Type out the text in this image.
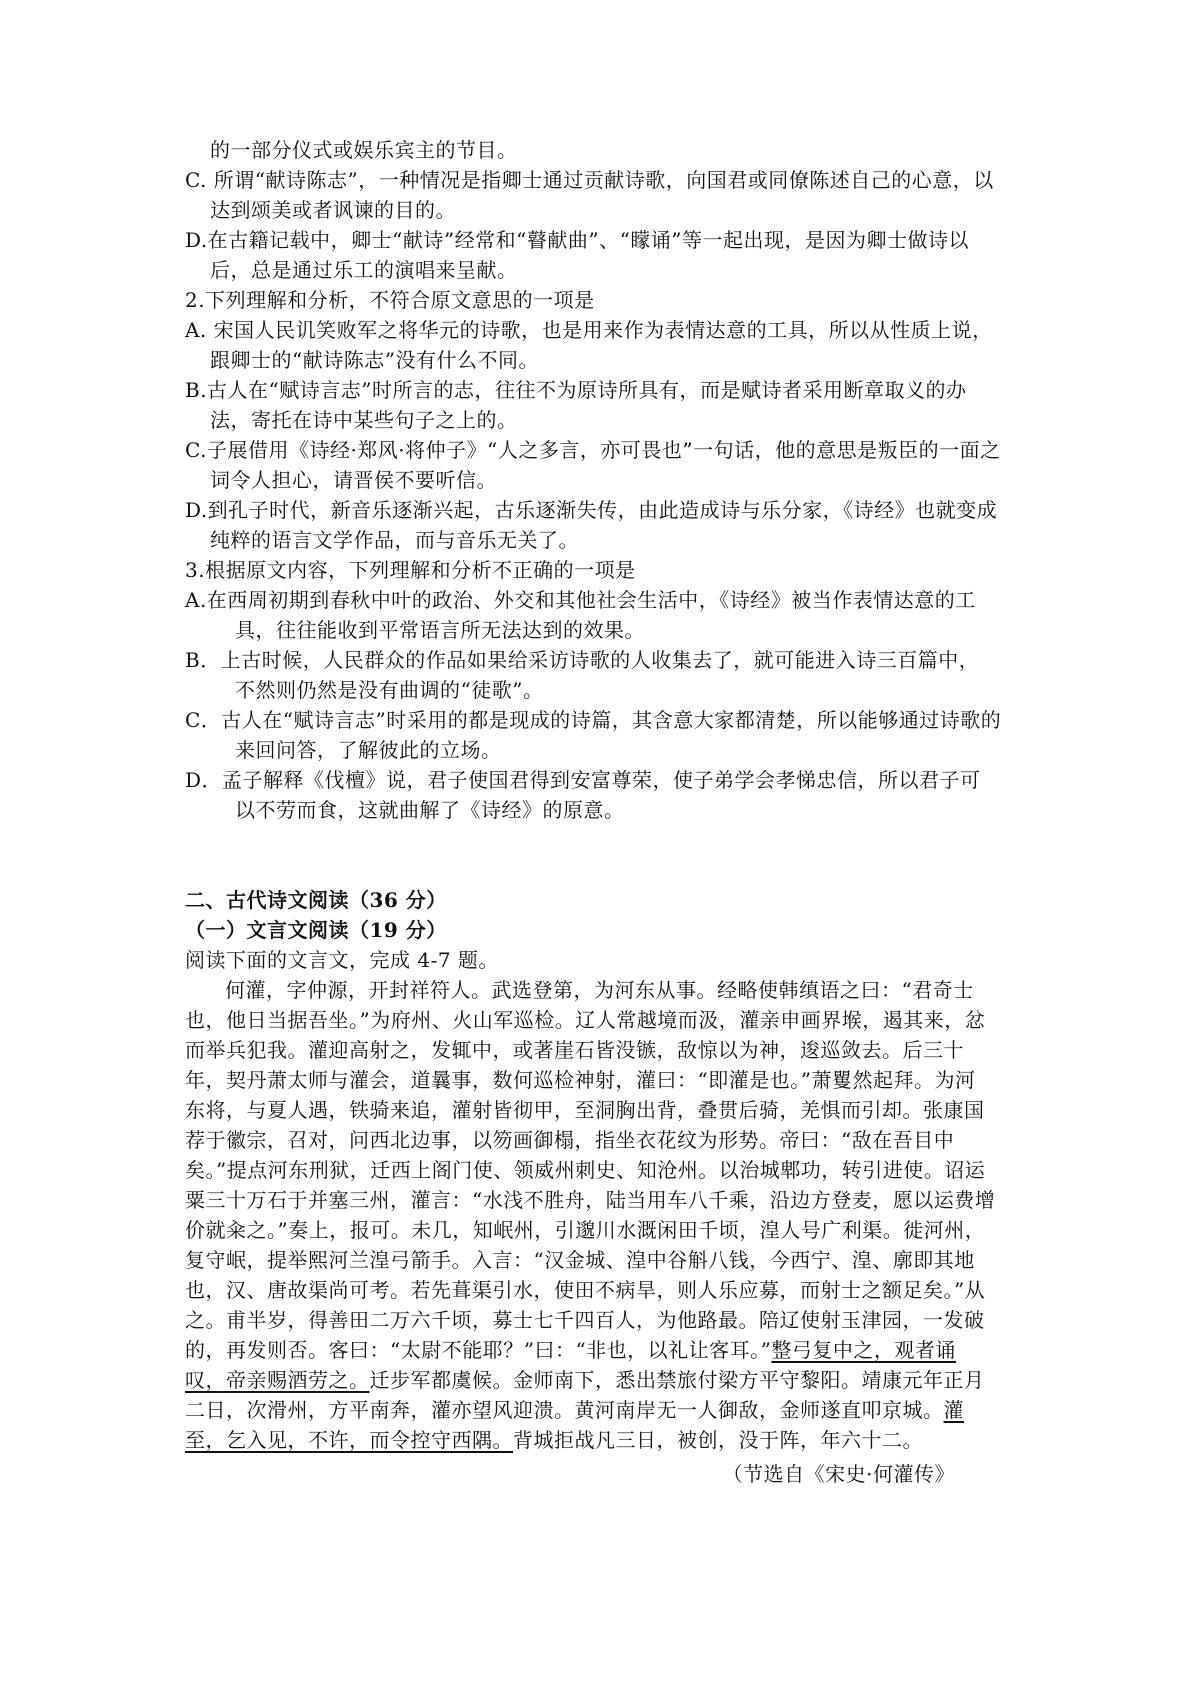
的一部分仪式或娱乐宾主的节目。
C. 所谓“献诗陈志”，一种情况是指卿士通过贡献诗歌，向国君或同僚陈述自己的心意，以
达到颂美或者讽谏的目的。
D.在古籍记载中，卿士“献诗”经常和“瞽献曲”、“矇诵”等一起出现，是因为卿士做诗以
后，总是通过乐工的演唱来呈献。
2.下列理解和分析，不符合原文意思的一项是
A. 宋国人民讥笑败军之将华元的诗歌，也是用来作为表情达意的工具，所以从性质上说，
跟卿士的“献诗陈志”没有什么不同。
B.古人在“赋诗言志”时所言的志，往往不为原诗所具有，而是赋诗者采用断章取义的办
法，寄托在诗中某些句子之上的。
C.子展借用《诗经·郑风·将仲子》“人之多言，亦可畏也”一句话，他的意思是叛臣的一面之
词令人担心，请晋侯不要听信。
D.到孔子时代，新音乐逐渐兴起，古乐逐渐失传，由此造成诗与乐分家，《诗经》也就变成
纯粹的语言文学作品，而与音乐无关了。
3.根据原文内容，下列理解和分析不正确的一项是
A.在西周初期到春秋中叶的政治、外交和其他社会生活中，《诗经》被当作表情达意的工
具，往往能收到平常语言所无法达到的效果。
B．上古时候，人民群众的作品如果给采访诗歌的人收集去了，就可能进入诗三百篇中，
不然则仍然是没有曲调的“徒歌”。
C．古人在“赋诗言志”时采用的都是现成的诗篇，其含意大家都清楚，所以能够通过诗歌的
来回问答，了解彼此的立场。
D．孟子解释《伐檀》说，君子使国君得到安富尊荣，使子弟学会孝悌忠信，所以君子可
以不劳而食，这就曲解了《诗经》的原意。
二、古代诗文阅读（36 分）
（一）文言文阅读（19 分）
阅读下面的文言文，完成 4-7 题。
何灌，字仲源，开封祥符人。武选登第，为河东从事。经略使韩缜语之曰：“君奇士
也，他日当据吾坐。”为府州、火山军巡检。辽人常越境而汲，灌亲申画界堠，遏其来，忿
而举兵犯我。灌迎高射之，发辄中，或著崖石皆没镞，敌惊以为神，逡巡敛去。后三十
年，契丹萧太师与灌会，道曩事，数何巡检神射，灌曰：“即灌是也。”萧矍然起拜。为河
东将，与夏人遇，铁骑来追，灌射皆彻甲，至洞胸出背，叠贯后骑，羌惧而引却。张康国
荐于徽宗，召对，问西北边事，以笏画御榻，指坐衣花纹为形势。帝曰：“敌在吾目中
矣。”提点河东刑狱，迁西上阁门使、领威州刺史、知沧州。以治城郫功，转引进使。诏运
粟三十万石于并塞三州，灌言：“水浅不胜舟，陆当用车八千乘，沿边方登麦，愿以运费增
价就籴之。”奏上，报可。未几，知岷州，引邈川水溉闲田千顷，湟人号广利渠。徙河州，
复守岷，提举熙河兰湟弓箭手。入言：“汉金城、湟中谷斛八钱，今西宁、湟、廓即其地
也，汉、唐故渠尚可考。若先葺渠引水，使田不病旱，则人乐应募，而射士之额足矣。”从
之。甫半岁，得善田二万六千顷，募士七千四百人，为他路最。陪辽使射玉津园，一发破
的，再发则否。客曰：“太尉不能耶？”曰：“非也，以礼让客耳。”整弓复中之，观者诵
叹，帝亲赐酒劳之。迁步军都虞候。金师南下，悉出禁旅付梁方平守黎阳。靖康元年正月
二日，次滑州，方平南奔，灌亦望风迎溃。黄河南岸无一人御敌，金师遂直叩京城。灌
至，乞入见，不许，而令控守西隅。背城拒战凡三日，被创，没于阵，年六十二。
（节选自《宋史·何灌传》
